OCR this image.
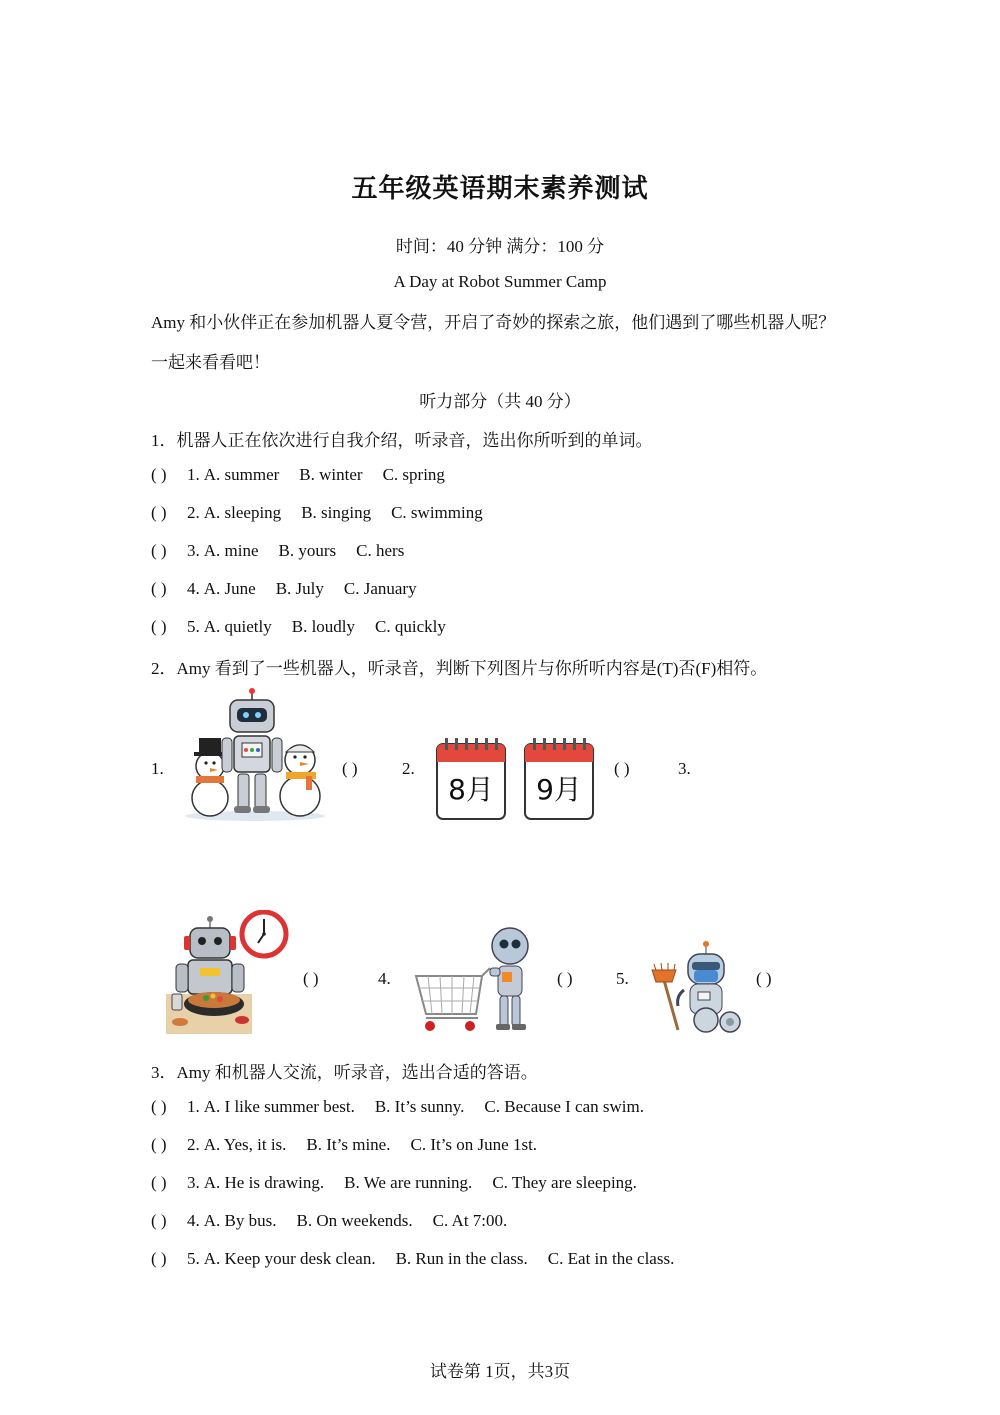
五年级英语期末素养测试
时间：40 分钟 满分：100 分
A Day at Robot Summer Camp
Amy 和小伙伴正在参加机器人夏令营，开启了奇妙的探索之旅，他们遇到了哪些机器人呢？
一起来看看吧！
听力部分（共 40 分）
1．机器人正在依次进行自我介绍，听录音，选出你所听到的单词。
( ) 1. A. summer B. winter C. spring
( ) 2. A. sleeping B. singing C. swimming
( ) 3. A. mine B. yours C. hers
( ) 4. A. June B. July C. January
( ) 5. A. quietly B. loudly C. quickly
2．Amy 看到了一些机器人，听录音，判断下列图片与你所听内容是(T)否(F)相符。
1.	( )	2.
8月	9月
( )	3.
( )	4.	( )	5.	( )
3．Amy 和机器人交流，听录音，选出合适的答语。
( ) 1. A. I like summer best. B. It’s sunny. C. Because I can swim.
( ) 2. A. Yes, it is. B. It’s mine. C. It’s on June 1st.
( ) 3. A. He is drawing. B. We are running. C. They are sleeping.
( ) 4. A. By bus. B. On weekends. C. At 7:00.
( ) 5. A. Keep your desk clean. B. Run in the class. C. Eat in the class.
试卷第 1页，共3页
